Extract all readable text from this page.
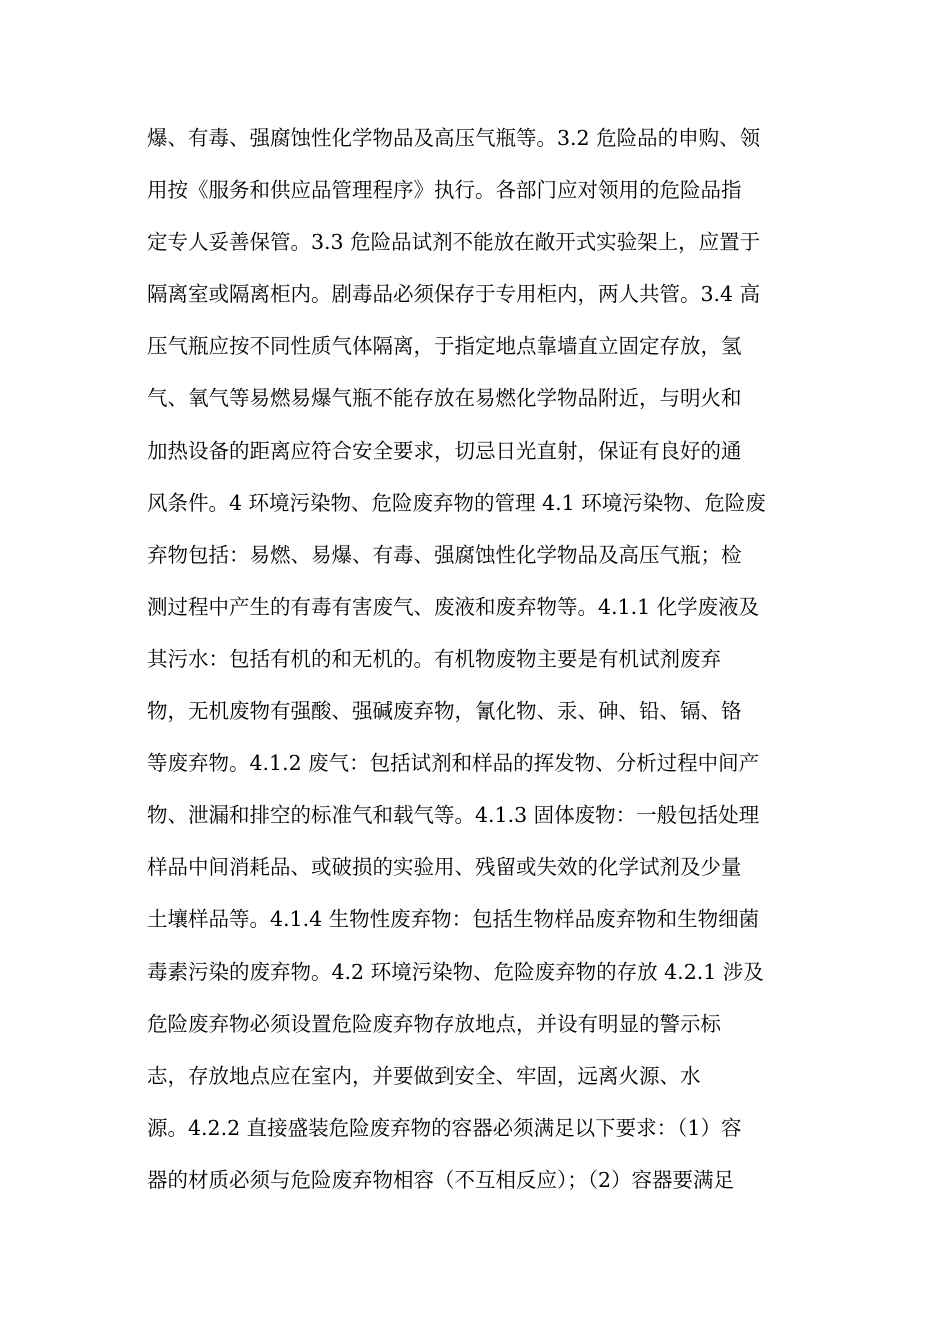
爆、有毒、强腐蚀性化学物品及高压气瓶等。3.2 危险品的申购、领
用按《服务和供应品管理程序》执行。各部门应对领用的危险品指
定专人妥善保管。3.3 危险品试剂不能放在敞开式实验架上，应置于
隔离室或隔离柜内。剧毒品必须保存于专用柜内，两人共管。3.4 高
压气瓶应按不同性质气体隔离，于指定地点靠墙直立固定存放，氢
气、氧气等易燃易爆气瓶不能存放在易燃化学物品附近，与明火和
加热设备的距离应符合安全要求，切忌日光直射，保证有良好的通
风条件。4 环境污染物、危险废弃物的管理 4.1 环境污染物、危险废
弃物包括：易燃、易爆、有毒、强腐蚀性化学物品及高压气瓶；检
测过程中产生的有毒有害废气、废液和废弃物等。4.1.1 化学废液及
其污水：包括有机的和无机的。有机物废物主要是有机试剂废弃
物，无机废物有强酸、强碱废弃物，氰化物、汞、砷、铅、镉、铬
等废弃物。4.1.2 废气：包括试剂和样品的挥发物、分析过程中间产
物、泄漏和排空的标准气和载气等。4.1.3 固体废物：一般包括处理
样品中间消耗品、或破损的实验用、残留或失效的化学试剂及少量
土壤样品等。4.1.4 生物性废弃物：包括生物样品废弃物和生物细菌
毒素污染的废弃物。4.2 环境污染物、危险废弃物的存放 4.2.1 涉及
危险废弃物必须设置危险废弃物存放地点，并设有明显的警示标
志，存放地点应在室内，并要做到安全、牢固，远离火源、水
源。4.2.2 直接盛装危险废弃物的容器必须满足以下要求：（1）容
器的材质必须与危险废弃物相容（不互相反应）；（2）容器要满足
